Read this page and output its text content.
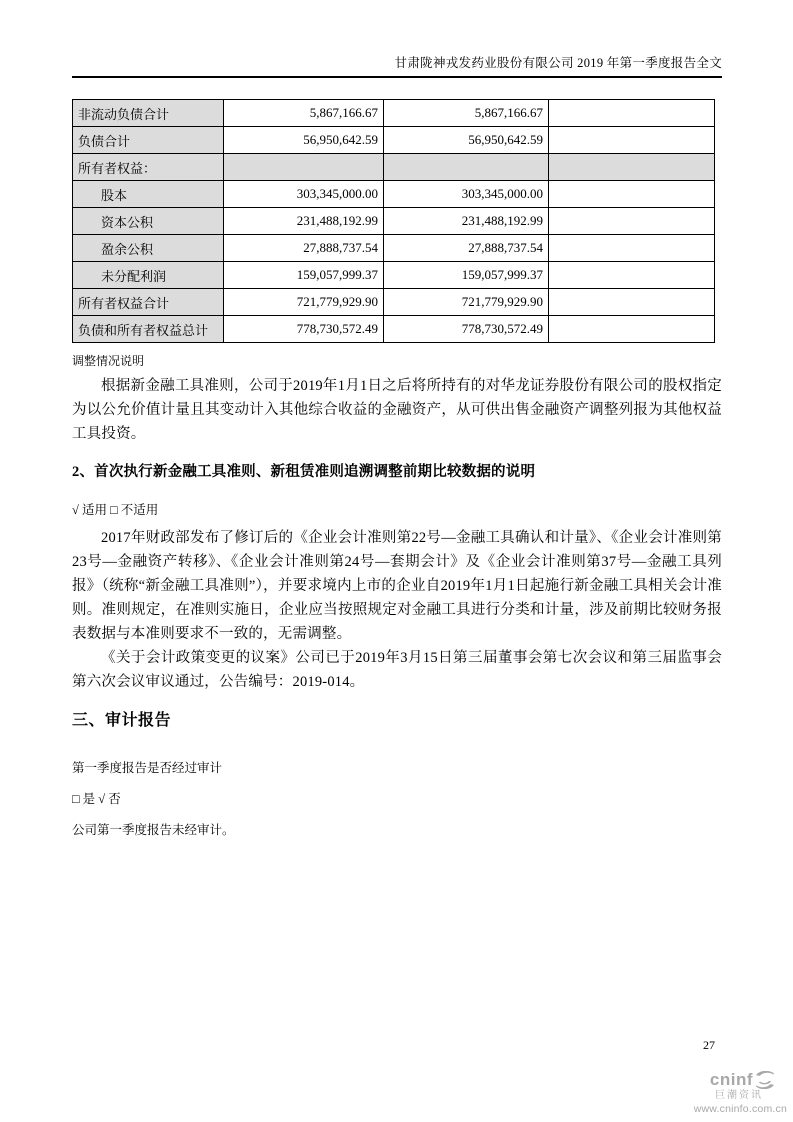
甘肃陇神戎发药业股份有限公司 2019 年第一季度报告全文
非流动负债合计	5,867,166.67	5,867,166.67	
负债合计	56,950,642.59	56,950,642.59	
所有者权益：			
股本	303,345,000.00	303,345,000.00	
资本公积	231,488,192.99	231,488,192.99	
盈余公积	27,888,737.54	27,888,737.54	
未分配利润	159,057,999.37	159,057,999.37	
所有者权益合计	721,779,929.90	721,779,929.90	
负债和所有者权益总计	778,730,572.49	778,730,572.49	
调整情况说明
根据新金融工具准则，公司于2019年1月1日之后将所持有的对华龙证券股份有限公司的股权指定为以公允价值计量且其变动计入其他综合收益的金融资产，从可供出售金融资产调整列报为其他权益工具投资。
2、首次执行新金融工具准则、新租赁准则追溯调整前期比较数据的说明
√ 适用 □ 不适用
2017年财政部发布了修订后的《企业会计准则第22号—金融工具确认和计量》、《企业会计准则第23号—金融资产转移》、《企业会计准则第24号—套期会计》及《企业会计准则第37号—金融工具列报》（统称“新金融工具准则”），并要求境内上市的企业自2019年1月1日起施行新金融工具相关会计准则。准则规定，在准则实施日，企业应当按照规定对金融工具进行分类和计量，涉及前期比较财务报表数据与本准则要求不一致的，无需调整。
《关于会计政策变更的议案》公司已于2019年3月15日第三届董事会第七次会议和第三届监事会第六次会议审议通过，公告编号：2019-014。
三、审计报告
第一季度报告是否经过审计
□ 是 √ 否
公司第一季度报告未经审计。
27
cninf
巨潮资讯
www.cninfo.com.cn
